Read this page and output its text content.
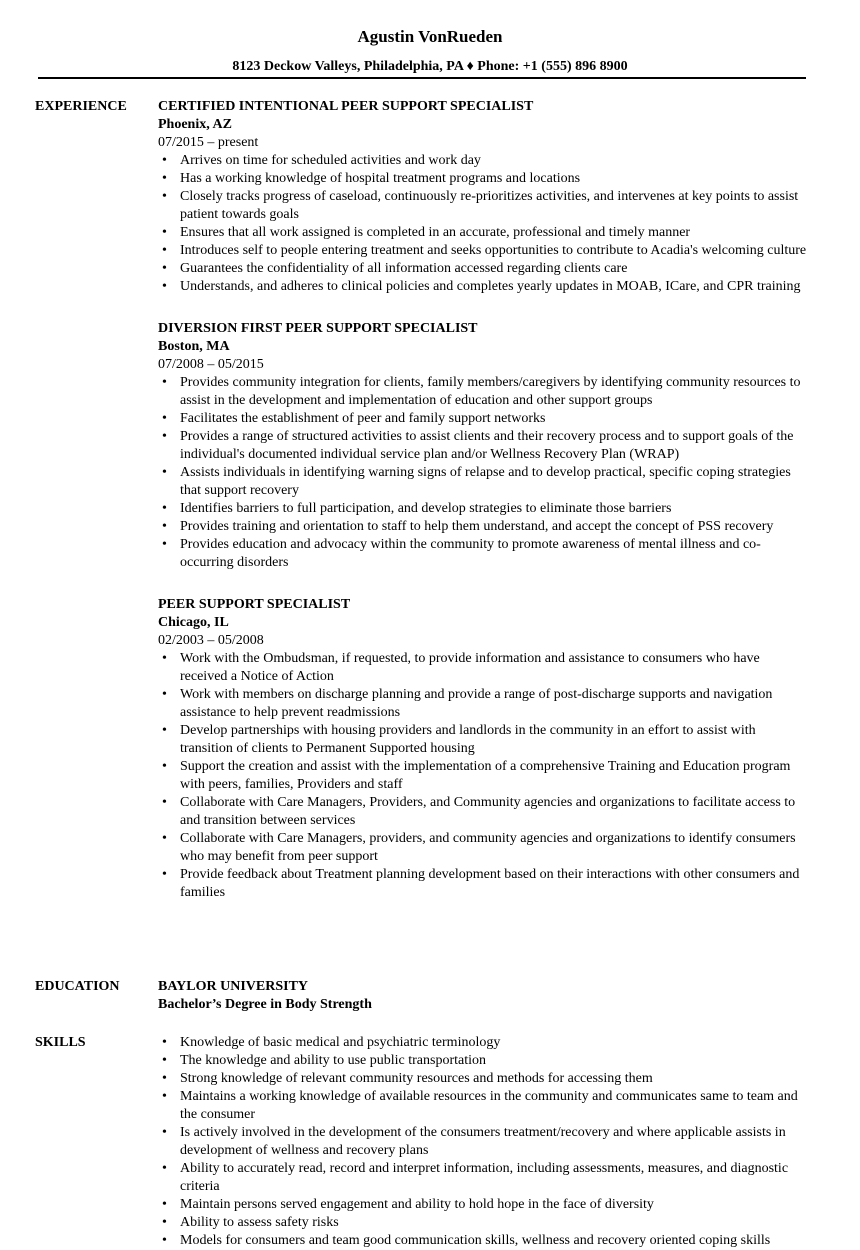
Agustin VonRueden
8123 Deckow Valleys, Philadelphia, PA ♦ Phone: +1 (555) 896 8900
EXPERIENCE CERTIFIED INTENTIONAL PEER SUPPORT SPECIALIST
Phoenix, AZ
07/2015 – present
• Arrives on time for scheduled activities and work day
• Has a working knowledge of hospital treatment programs and locations
• Closely tracks progress of caseload, continuously re-prioritizes activities, and intervenes at key points to assist patient towards goals
• Ensures that all work assigned is completed in an accurate, professional and timely manner
• Introduces self to people entering treatment and seeks opportunities to contribute to Acadia's welcoming culture
• Guarantees the confidentiality of all information accessed regarding clients care
• Understands, and adheres to clinical policies and completes yearly updates in MOAB, ICare, and CPR training
DIVERSION FIRST PEER SUPPORT SPECIALIST
Boston, MA
07/2008 – 05/2015
• Provides community integration for clients, family members/caregivers by identifying community resources to assist in the development and implementation of education and other support groups
• Facilitates the establishment of peer and family support networks
• Provides a range of structured activities to assist clients and their recovery process and to support goals of the individual's documented individual service plan and/or Wellness Recovery Plan (WRAP)
• Assists individuals in identifying warning signs of relapse and to develop practical, specific coping strategies that support recovery
• Identifies barriers to full participation, and develop strategies to eliminate those barriers
• Provides training and orientation to staff to help them understand, and accept the concept of PSS recovery
• Provides education and advocacy within the community to promote awareness of mental illness and co-occurring disorders
PEER SUPPORT SPECIALIST
Chicago, IL
02/2003 – 05/2008
• Work with the Ombudsman, if requested, to provide information and assistance to consumers who have received a Notice of Action
• Work with members on discharge planning and provide a range of post-discharge supports and navigation assistance to help prevent readmissions
• Develop partnerships with housing providers and landlords in the community in an effort to assist with transition of clients to Permanent Supported housing
• Support the creation and assist with the implementation of a comprehensive Training and Education program with peers, families, Providers and staff
• Collaborate with Care Managers, Providers, and Community agencies and organizations to facilitate access to and transition between services
• Collaborate with Care Managers, providers, and community agencies and organizations to identify consumers who may benefit from peer support
• Provide feedback about Treatment planning development based on their interactions with other consumers and families
EDUCATION	BAYLOR UNIVERSITY
Bachelor’s Degree in Body Strength
SKILLS	• Knowledge of basic medical and psychiatric terminology
• The knowledge and ability to use public transportation
• Strong knowledge of relevant community resources and methods for accessing them
• Maintains a working knowledge of available resources in the community and communicates same to team and the consumer
• Is actively involved in the development of the consumers treatment/recovery and where applicable assists in development of wellness and recovery plans
• Ability to accurately read, record and interpret information, including assessments, measures, and diagnostic criteria
• Maintain persons served engagement and ability to hold hope in the face of diversity
• Ability to assess safety risks
• Models for consumers and team good communication skills, wellness and recovery oriented coping skills
